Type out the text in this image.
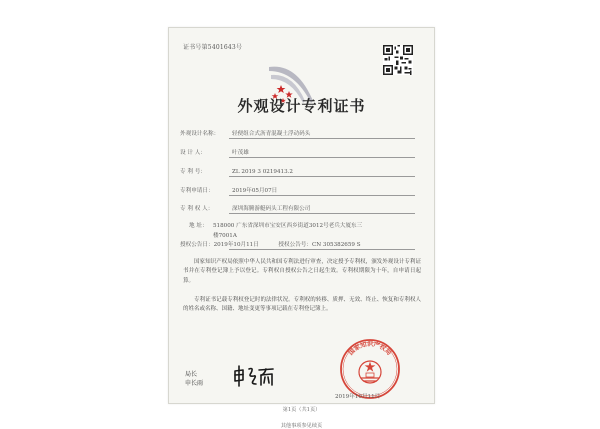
证书号第5401643号
外观设计专利证书
外观设计名称： 轻便组合式沥青混凝土浮动码头
设 计 人：	叶茂雄
专 利 号：	ZL 2019 3 0219413.2
专利申请日：	2019年05月07日
专 利 权 人：	深圳海腾游艇码头工程有限公司
地 址： 518000 广东省深圳市宝安区西乡街道3012号老兵大厦东三
楼7001A
授权公告日：2019年10月11日	授权公告号：CN 305382659 S

国家知识产权局依照中华人民共和国专利法进行审查，决定授予专利权，颁发外观设计专利证书并在专利登记簿上予以登记。专利权自授权公告之日起生效。专利权期限为十年，自申请日起算。

专利证书记载专利权登记时的法律状况。专利权的转移、质押、无效、终止、恢复和专利权人的姓名或名称、国籍、地址变更等事项记载在专利登记簿上。

局长
申长雨
国家知识产权局
2019年10月11日
第1页（共1页）
其他事项参见续页
